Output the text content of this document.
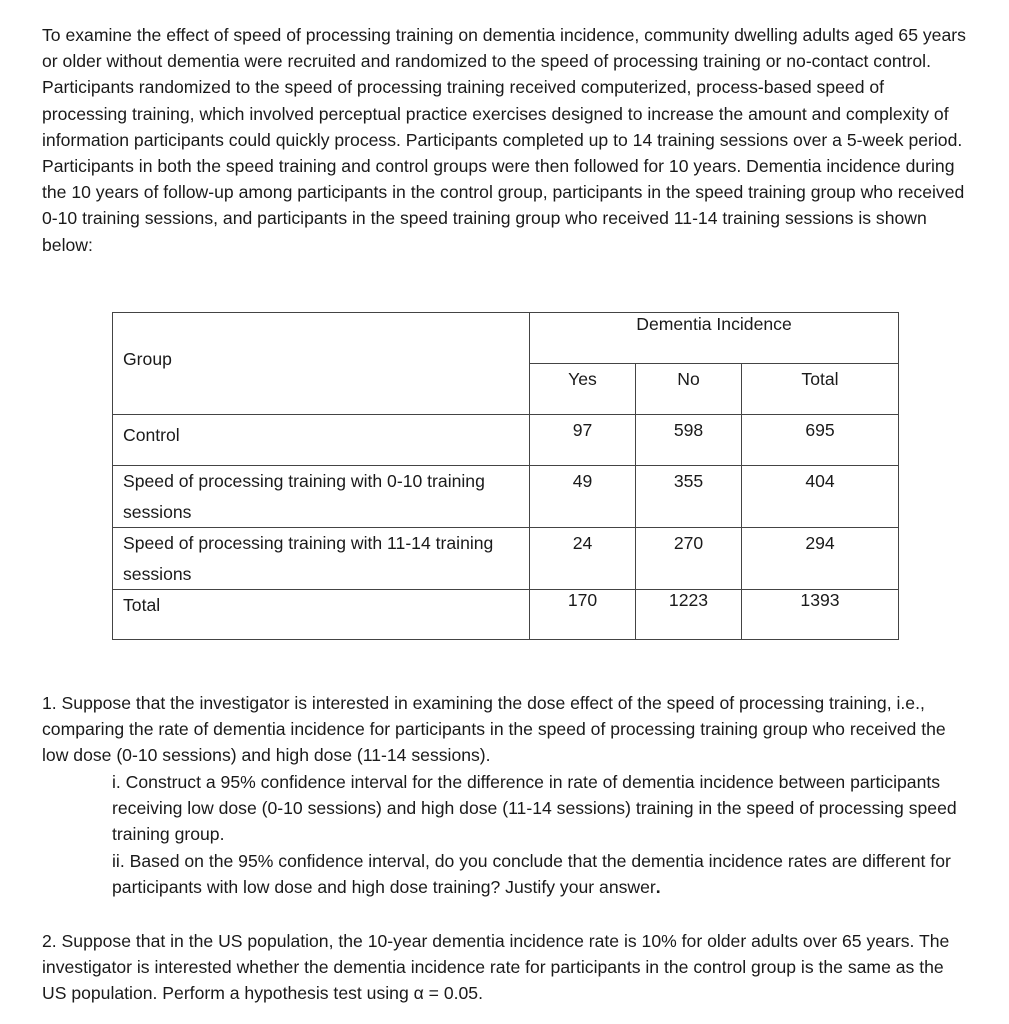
To examine the effect of speed of processing training on dementia incidence, community dwelling adults aged 65 years or older without dementia were recruited and randomized to the speed of processing training or no-contact control. Participants randomized to the speed of processing training received computerized, process-based speed of processing training, which involved perceptual practice exercises designed to increase the amount and complexity of information participants could quickly process. Participants completed up to 14 training sessions over a 5-week period. Participants in both the speed training and control groups were then followed for 10 years. Dementia incidence during the 10 years of follow-up among participants in the control group, participants in the speed training group who received 0-10 training sessions, and participants in the speed training group who received 11-14 training sessions is shown below:

Group	Dementia Incidence		

	Yes	No	Total

Control	97	598	695

Speed of processing training with 0-10 training sessions	49	355	404

Speed of processing training with 11-14 training sessions	24	270	294

Total	170	1223	1393

1. Suppose that the investigator is interested in examining the dose effect of the speed of processing training, i.e., comparing the rate of dementia incidence for participants in the speed of processing training group who received the low dose (0-10 sessions) and high dose (11-14 sessions).

i. Construct a 95% confidence interval for the difference in rate of dementia incidence between participants receiving low dose (0-10 sessions) and high dose (11-14 sessions) training in the speed of processing speed training group.

ii. Based on the 95% confidence interval, do you conclude that the dementia incidence rates are different for participants with low dose and high dose training? Justify your answer.

2. Suppose that in the US population, the 10-year dementia incidence rate is 10% for older adults over 65 years. The investigator is interested whether the dementia incidence rate for participants in the control group is the same as the US population. Perform a hypothesis test using α = 0.05.
